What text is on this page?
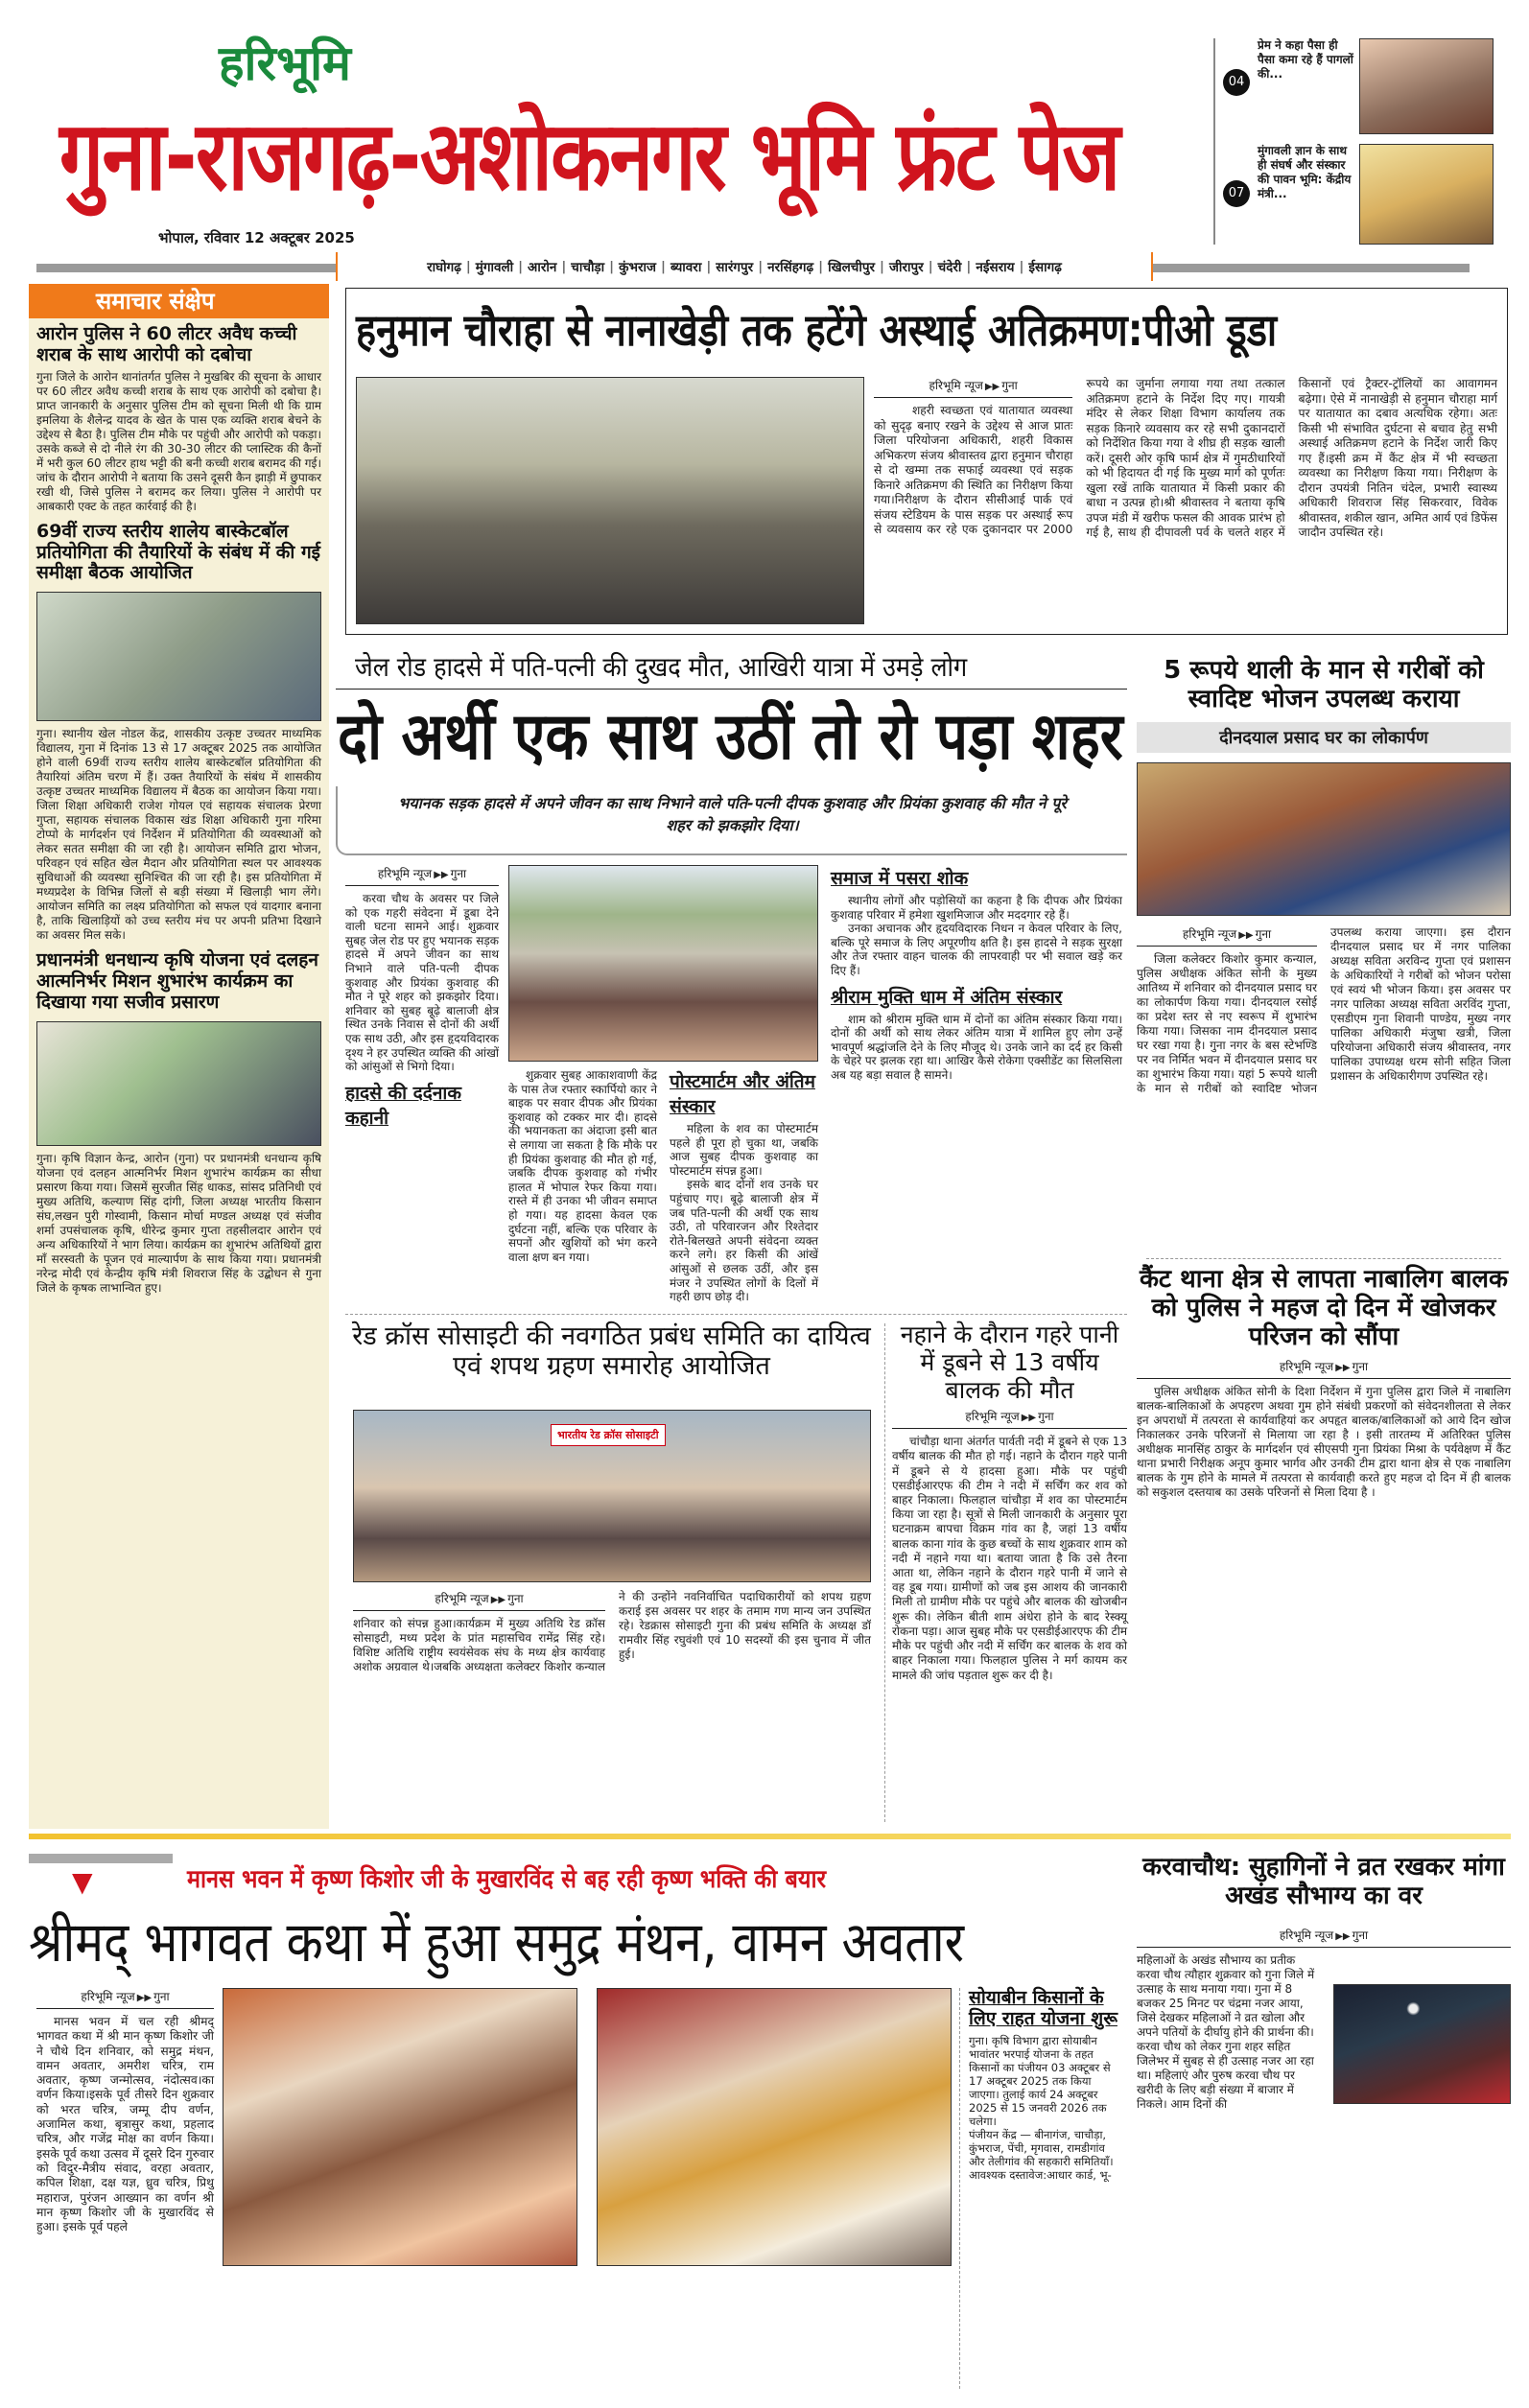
हरिभूमि
गुना-राजगढ़-अशोकनगर भूमि फ्रंट पेज
भोपाल, रविवार 12 अक्टूबर 2025
04
प्रेम ने कहा पैसा ही पैसा कमा रहे हैं पागलों की...
07
मुंगावली ज्ञान के साथ ही संघर्ष और संस्कार की पावन भूमि: केंद्रीय मंत्री...
राघोगढ़ | मुंगावली | आरोन | चाचौड़ा | कुंभराज | ब्यावरा | सारंगपुर | नरसिंहगढ़ | खिलचीपुर | जीरापुर | चंदेरी | नईसराय | ईसागढ़
समाचार संक्षेप
आरोन पुलिस ने 60 लीटर अवैध कच्ची शराब के साथ आरोपी को दबोचा
गुना जिले के आरोन थानांतर्गत पुलिस ने मुखबिर की सूचना के आधार पर 60 लीटर अवैध कच्ची शराब के साथ एक आरोपी को दबोचा है। प्राप्त जानकारी के अनुसार पुलिस टीम को सूचना मिली थी कि ग्राम इमलिया के शैलेन्द्र यादव के खेत के पास एक व्यक्ति शराब बेचने के उद्देश्य से बैठा है। पुलिस टीम मौके पर पहुंची और आरोपी को पकड़ा। उसके कब्जे से दो नीले रंग की 30-30 लीटर की प्लास्टिक की कैनों में भरी कुल 60 लीटर हाथ भट्टी की बनी कच्ची शराब बरामद की गई। जांच के दौरान आरोपी ने बताया कि उसने दूसरी कैन झाड़ी में छुपाकर रखी थी, जिसे पुलिस ने बरामद कर लिया। पुलिस ने आरोपी पर आबकारी एक्ट के तहत कार्रवाई की है।
69वीं राज्य स्तरीय शालेय बास्केटबॉल प्रतियोगिता की तैयारियों के संबंध में की गई समीक्षा बैठक आयोजित
गुना। स्थानीय खेल नोडल केंद्र, शासकीय उत्कृष्ट उच्चतर माध्यमिक विद्यालय, गुना में दिनांक 13 से 17 अक्टूबर 2025 तक आयोजित होने वाली 69वीं राज्य स्तरीय शालेय बास्केटबॉल प्रतियोगिता की तैयारियां अंतिम चरण में हैं। उक्त तैयारियों के संबंध में शासकीय उत्कृष्ट उच्चतर माध्यमिक विद्यालय में बैठक का आयोजन किया गया। जिला शिक्षा अधिकारी राजेश गोयल एवं सहायक संचालक प्रेरणा गुप्ता, सहायक संचालक विकास खंड शिक्षा अधिकारी गुना गरिमा टोप्पो के मार्गदर्शन एवं निर्देशन में प्रतियोगिता की व्यवस्थाओं को लेकर सतत समीक्षा की जा रही है। आयोजन समिति द्वारा भोजन, परिवहन एवं सहित खेल मैदान और प्रतियोगिता स्थल पर आवश्यक सुविधाओं की व्यवस्था सुनिश्चित की जा रही है। इस प्रतियोगिता में मध्यप्रदेश के विभिन्न जिलों से बड़ी संख्या में खिलाड़ी भाग लेंगे। आयोजन समिति का लक्ष्य प्रतियोगिता को सफल एवं यादगार बनाना है, ताकि खिलाड़ियों को उच्च स्तरीय मंच पर अपनी प्रतिभा दिखाने का अवसर मिल सके।
प्रधानमंत्री धनधान्य कृषि योजना एवं दलहन आत्मनिर्भर मिशन शुभारंभ कार्यक्रम का दिखाया गया सजीव प्रसारण
गुना। कृषि विज्ञान केन्द्र, आरोन (गुना) पर प्रधानमंत्री धनधान्य कृषि योजना एवं दलहन आत्मनिर्भर मिशन शुभारंभ कार्यक्रम का सीधा प्रसारण किया गया। जिसमें सुरजीत सिंह धाकड, सांसद प्रतिनिधी एवं मुख्य अतिथि, कल्याण सिंह दांगी, जिला अध्यक्ष भारतीय किसान संघ,लखन पुरी गोस्वामी, किसान मोर्चा मण्डल अध्यक्ष एवं संजीव शर्मा उपसंचालक कृषि, धीरेन्द्र कुमार गुप्ता तहसीलदार आरोन एवं अन्य अधिकारियों ने भाग लिया। कार्यक्रम का शुभारंभ अतिथियों द्वारा माँ सरस्वती के पूजन एवं माल्यार्पण के साथ किया गया। प्रधानमंत्री नरेन्द्र मोदी एवं केन्द्रीय कृषि मंत्री शिवराज सिंह के उद्बोधन से गुना जिले के कृषक लाभान्वित हुए।
हनुमान चौराहा से नानाखेड़ी तक हटेंगे अस्थाई अतिक्रमण:पीओ डूडा
हरिभूमि न्यूज ▶▶ गुना
शहरी स्वच्छता एवं यातायात व्यवस्था को सुदृढ़ बनाए रखने के उद्देश्य से आज प्रातः जिला परियोजना अधिकारी, शहरी विकास अभिकरण संजय श्रीवास्तव द्वारा हनुमान चौराहा से दो खम्मा तक सफाई व्यवस्था एवं सड़क किनारे अतिक्रमण की स्थिति का निरीक्षण किया गया।निरीक्षण के दौरान सीसीआई पार्क एवं संजय स्टेडियम के पास सड़क पर अस्थाई रूप से व्यवसाय कर रहे एक दुकानदार पर 2000 रूपये का जुर्माना लगाया गया तथा तत्काल अतिक्रमण हटाने के निर्देश दिए गए। गायत्री मंदिर से लेकर शिक्षा विभाग कार्यालय तक सड़क किनारे व्यवसाय कर रहे सभी दुकानदारों को निर्देशित किया गया वे शीघ्र ही सड़क खाली करें। दूसरी ओर कृषि फार्म क्षेत्र में गुमठीधारियों को भी हिदायत दी गई कि मुख्य मार्ग को पूर्णतः खुला रखें ताकि यातायात में किसी प्रकार की बाधा न उत्पन्न हो।श्री श्रीवास्तव ने बताया कृषि उपज मंडी में खरीफ फसल की आवक प्रारंभ हो गई है, साथ ही दीपावली पर्व के चलते शहर में किसानों एवं ट्रैक्टर-ट्रॉलियों का आवागमन बढ़ेगा। ऐसे में नानाखेड़ी से हनुमान चौराहा मार्ग पर यातायात का दबाव अत्यधिक रहेगा। अतः किसी भी संभावित दुर्घटना से बचाव हेतु सभी अस्थाई अतिक्रमण हटाने के निर्देश जारी किए गए हैं।इसी क्रम में कैंट क्षेत्र में भी स्वच्छता व्यवस्था का निरीक्षण किया गया। निरीक्षण के दौरान उपयंत्री नितिन चंदेल, प्रभारी स्वास्थ्य अधिकारी शिवराज सिंह सिकरवार, विवेक श्रीवास्तव, शकील खान, अमित आर्य एवं डिफेंस जादौन उपस्थित रहे।
जेल रोड हादसे में पति-पत्नी की दुखद मौत, आखिरी यात्रा में उमड़े लोग
दो अर्थी एक साथ उठीं तो रो पड़ा शहर
भयानक सड़क हादसे में अपने जीवन का साथ निभाने वाले पति-पत्नी दीपक कुशवाह और प्रियंका कुशवाह की मौत ने पूरे शहर को झकझोर दिया।
हरिभूमि न्यूज ▶▶ गुना
करवा चौथ के अवसर पर जिले को एक गहरी संवेदना में डूबा देने वाली घटना सामने आई। शुक्रवार सुबह जेल रोड पर हुए भयानक सड़क हादसे में अपने जीवन का साथ निभाने वाले पति-पत्नी दीपक कुशवाह और प्रियंका कुशवाह की मौत ने पूरे शहर को झकझोर दिया। शनिवार को सुबह बूढ़े बालाजी क्षेत्र स्थित उनके निवास से दोनों की अर्थी एक साथ उठी, और इस हृदयविदारक दृश्य ने हर उपस्थित व्यक्ति की आंखों को आंसुओं से भिगो दिया।
हादसे की दर्दनाक कहानी
शुक्रवार सुबह आकाशवाणी केंद्र के पास तेज रफ्तार स्कार्पियो कार ने बाइक पर सवार दीपक और प्रियंका कुशवाह को टक्कर मार दी। हादसे की भयानकता का अंदाजा इसी बात से लगाया जा सकता है कि मौके पर ही प्रियंका कुशवाह की मौत हो गई, जबकि दीपक कुशवाह को गंभीर हालत में भोपाल रेफर किया गया। रास्ते में ही उनका भी जीवन समाप्त हो गया। यह हादसा केवल एक दुर्घटना नहीं, बल्कि एक परिवार के सपनों और खुशियों को भंग करने वाला क्षण बन गया।
पोस्टमार्टम और अंतिम संस्कार
महिला के शव का पोस्टमार्टम पहले ही पूरा हो चुका था, जबकि आज सुबह दीपक कुशवाह का पोस्टमार्टम संपन्न हुआ।
इसके बाद दोनों शव उनके घर पहुंचाए गए। बूढ़े बालाजी क्षेत्र में जब पति-पत्नी की अर्थी एक साथ उठी, तो परिवारजन और रिश्तेदार रोते-बिलखते अपनी संवेदना व्यक्त करने लगे। हर किसी की आंखें आंसुओं से छलक उठीं, और इस मंजर ने उपस्थित लोगों के दिलों में गहरी छाप छोड़ दी।
समाज में पसरा शोक
स्थानीय लोगों और पड़ोसियों का कहना है कि दीपक और प्रियंका कुशवाह परिवार में हमेशा खुशमिजाज और मददगार रहे हैं।
उनका अचानक और हृदयविदारक निधन न केवल परिवार के लिए, बल्कि पूरे समाज के लिए अपूरणीय क्षति है। इस हादसे ने सड़क सुरक्षा और तेज रफ्तार वाहन चालक की लापरवाही पर भी सवाल खड़े कर दिए हैं।
श्रीराम मुक्ति धाम में अंतिम संस्कार
शाम को श्रीराम मुक्ति धाम में दोनों का अंतिम संस्कार किया गया। दोनों की अर्थी को साथ लेकर अंतिम यात्रा में शामिल हुए लोग उन्हें भावपूर्ण श्रद्धांजलि देने के लिए मौजूद थे। उनके जाने का दर्द हर किसी के चेहरे पर झलक रहा था। आखिर कैसे रोकेगा एक्सीडेंट का सिलसिला अब यह बड़ा सवाल है सामने।
5 रूपये थाली के मान से गरीबों को स्वादिष्ट भोजन उपलब्ध कराया
दीनदयाल प्रसाद घर का लोकार्पण
हरिभूमि न्यूज ▶▶ गुना
जिला कलेक्टर किशोर कुमार कन्याल, पुलिस अधीक्षक अंकित सोनी के मुख्य आतिथ्य में शनिवार को दीनदयाल प्रसाद घर का लोकार्पण किया गया। दीनदयाल रसोई का प्रदेश स्तर से नए स्वरूप में शुभारंभ किया गया। जिसका नाम दीनदयाल प्रसाद घर रखा गया है। गुना नगर के बस स्टेभण्डि पर नव निर्मित भवन में दीनदयाल प्रसाद घर का शुभारंभ किया गया। यहां 5 रूपये थाली के मान से गरीबों को स्वादिष्ट भोजन उपलब्ध कराया जाएगा। इस दौरान दीनदयाल प्रसाद घर में नगर पालिका अध्यक्ष सविता अरविन्द गुप्ता एवं प्रशासन के अधिकारियों ने गरीबों को भोजन परोसा एवं स्वयं भी भोजन किया। इस अवसर पर नगर पालिका अध्यक्ष सविता अरविंद गुप्ता, एसडीएम गुना शिवानी पाण्डेय, मुख्य नगर पालिका अधिकारी मंजुषा खत्री, जिला परियोजना अधिकारी संजय श्रीवास्तव, नगर पालिका उपाध्यक्ष धरम सोनी सहित जिला प्रशासन के अधिकारीगण उपस्थित रहे।
कैंट थाना क्षेत्र से लापता नाबालिग बालक को पुलिस ने महज दो दिन में खोजकर परिजन को सौंपा
हरिभूमि न्यूज ▶▶ गुना
पुलिस अधीक्षक अंकित सोनी के दिशा निर्देशन में गुना पुलिस द्वारा जिले में नाबालिग बालक-बालिकाओं के अपहरण अथवा गुम होने संबंधी प्रकरणों को संवेदनशीलता से लेकर इन अपराधों में तत्परता से कार्यवाहियां कर अपहृत बालक/बालिकाओं को आये दिन खोज निकालकर उनके परिजनों से मिलाया जा रहा है । इसी तारतम्य में अतिरिक्त पुलिस अधीक्षक मानसिंह ठाकुर के मार्गदर्शन एवं सीएसपी गुना प्रियंका मिश्रा के पर्यवेक्षण में कैंट थाना प्रभारी निरीक्षक अनूप कुमार भार्गव और उनकी टीम द्वारा थाना क्षेत्र से एक नाबालिग बालक के गुम होने के मामले में तत्परता से कार्यवाही करते हुए महज दो दिन में ही बालक को सकुशल दस्तयाब का उसके परिजनों से मिला दिया है ।
रेड क्रॉस सोसाइटी की नवगठित प्रबंध समिति का दायित्व एवं शपथ ग्रहण समारोह आयोजित
भारतीय रेड क्रॉस सोसाइटी
हरिभूमि न्यूज ▶▶ गुना
शनिवार को संपन्न हुआ।कार्यक्रम में मुख्य अतिथि रेड क्रॉस सोसाइटी, मध्य प्रदेश के प्रांत महासचिव रामेंद्र सिंह रहे। विशिष्ट अतिथि राष्ट्रीय स्वयंसेवक संघ के मध्य क्षेत्र कार्यवाह अशोक अग्रवाल थे।जबकि अध्यक्षता कलेक्टर किशोर कन्याल ने की उन्होंने नवनिर्वाचित पदाधिकारीयों को शपथ ग्रहण कराई इस अवसर पर शहर के तमाम गण मान्य जन उपस्थित रहे। रेडक्रास सोसाइटी गुना की प्रबंध समिति के अध्यक्ष डॉ रामवीर सिंह रघुवंशी एवं 10 सदस्यों की इस चुनाव में जीत हुई।
नहाने के दौरान गहरे पानी में डूबने से 13 वर्षीय बालक की मौत
हरिभूमि न्यूज ▶▶ गुना
चांचौड़ा थाना अंतर्गत पार्वती नदी में डूबने से एक 13 वर्षीय बालक की मौत हो गई। नहाने के दौरान गहरे पानी में डूबने से ये हादसा हुआ। मौके पर पहुंची एसडीईआरएफ की टीम ने नदी में सर्चिंग कर शव को बाहर निकाला। फिलहाल चांचौड़ा में शव का पोस्टमार्टम किया जा रहा है। सूत्रों से मिली जानकारी के अनुसार पूरा घटनाक्रम बापचा विक्रम गांव का है, जहां 13 वर्षीय बालक काना गांव के कुछ बच्चों के साथ शुक्रवार शाम को नदी में नहाने गया था। बताया जाता है कि उसे तैरना आता था, लेकिन नहाने के दौरान गहरे पानी में जाने से वह डूब गया। ग्रामीणों को जब इस आशय की जानकारी मिली तो ग्रामीण मौके पर पहुंचे और बालक की खोजबीन शुरू की। लेकिन बीती शाम अंधेरा होने के बाद रेस्क्यू रोकना पड़ा। आज सुबह मौके पर एसडीईआरएफ की टीम मौके पर पहुंची और नदी में सर्चिंग कर बालक के शव को बाहर निकाला गया। फिलहाल पुलिस ने मर्ग कायम कर मामले की जांच पड़ताल शुरू कर दी है।
▼	मानस भवन में कृष्ण किशोर जी के मुखारविंद से बह रही कृष्ण भक्ति की बयार
श्रीमद् भागवत कथा में हुआ समुद्र मंथन, वामन अवतार
हरिभूमि न्यूज ▶▶ गुना
मानस भवन में चल रही श्रीमद् भागवत कथा में श्री मान कृष्ण किशोर जी ने चौथे दिन शनिवार, को समुद्र मंथन, वामन अवतार, अमरीश चरित्र, राम अवतार, कृष्ण जन्मोत्सव, नंदोत्सव।का वर्णन किया।इसके पूर्व तीसरे दिन शुक्रवार को भरत चरित्र, जम्मू दीप वर्णन, अजामिल कथा, बृत्रासुर कथा, प्रहलाद चरित्र, और गजेंद्र मोक्ष का वर्णन किया। इसके पूर्व कथा उत्सव में दूसरे दिन गुरुवार को विदुर-मैत्रीय संवाद, वरहा अवतार, कपिल शिक्षा, दक्ष यज्ञ, ध्रुव चरित्र, प्रिथु महाराज, पुरंजन आख्यान का वर्णन श्री मान कृष्ण किशोर जी के मुखारविंद से हुआ। इसके पूर्व पहले
सोयाबीन किसानों के लिए राहत योजना शुरू
गुना। कृषि विभाग द्वारा सोयाबीन भावांतर भरपाई योजना के तहत किसानों का पंजीयन 03 अक्टूबर से 17 अक्टूबर 2025 तक किया जाएगा। तुलाई कार्य 24 अक्टूबर 2025 से 15 जनवरी 2026 तक चलेगा।
पंजीयन केंद्र — बीनागंज, चाचौड़ा, कुंभराज, पेंची, मृगवास, रामडीगांव और तेलीगांव की सहकारी समितियाँ।आवश्यक दस्तावेज:आधार कार्ड, भू-
करवाचौथ: सुहागिनों ने व्रत रखकर मांगा अखंड सौभाग्य का वर
हरिभूमि न्यूज ▶▶ गुना
महिलाओं के अखंड सौभाग्य का प्रतीक करवा चौथ त्यौहार शुक्रवार को गुना जिले में उत्साह के साथ मनाया गया। गुना में 8 बजकर 25 मिनट पर चंद्रमा नजर आया, जिसे देखकर महिलाओं ने व्रत खोला और अपने पतियों के दीर्घायु होने की प्रार्थना की। करवा चौथ को लेकर गुना शहर सहित जिलेभर में सुबह से ही उत्साह नजर आ रहा था। महिलाएं और पुरुष करवा चौथ पर खरीदी के लिए बड़ी संख्या में बाजार में निकले। आम दिनों की
